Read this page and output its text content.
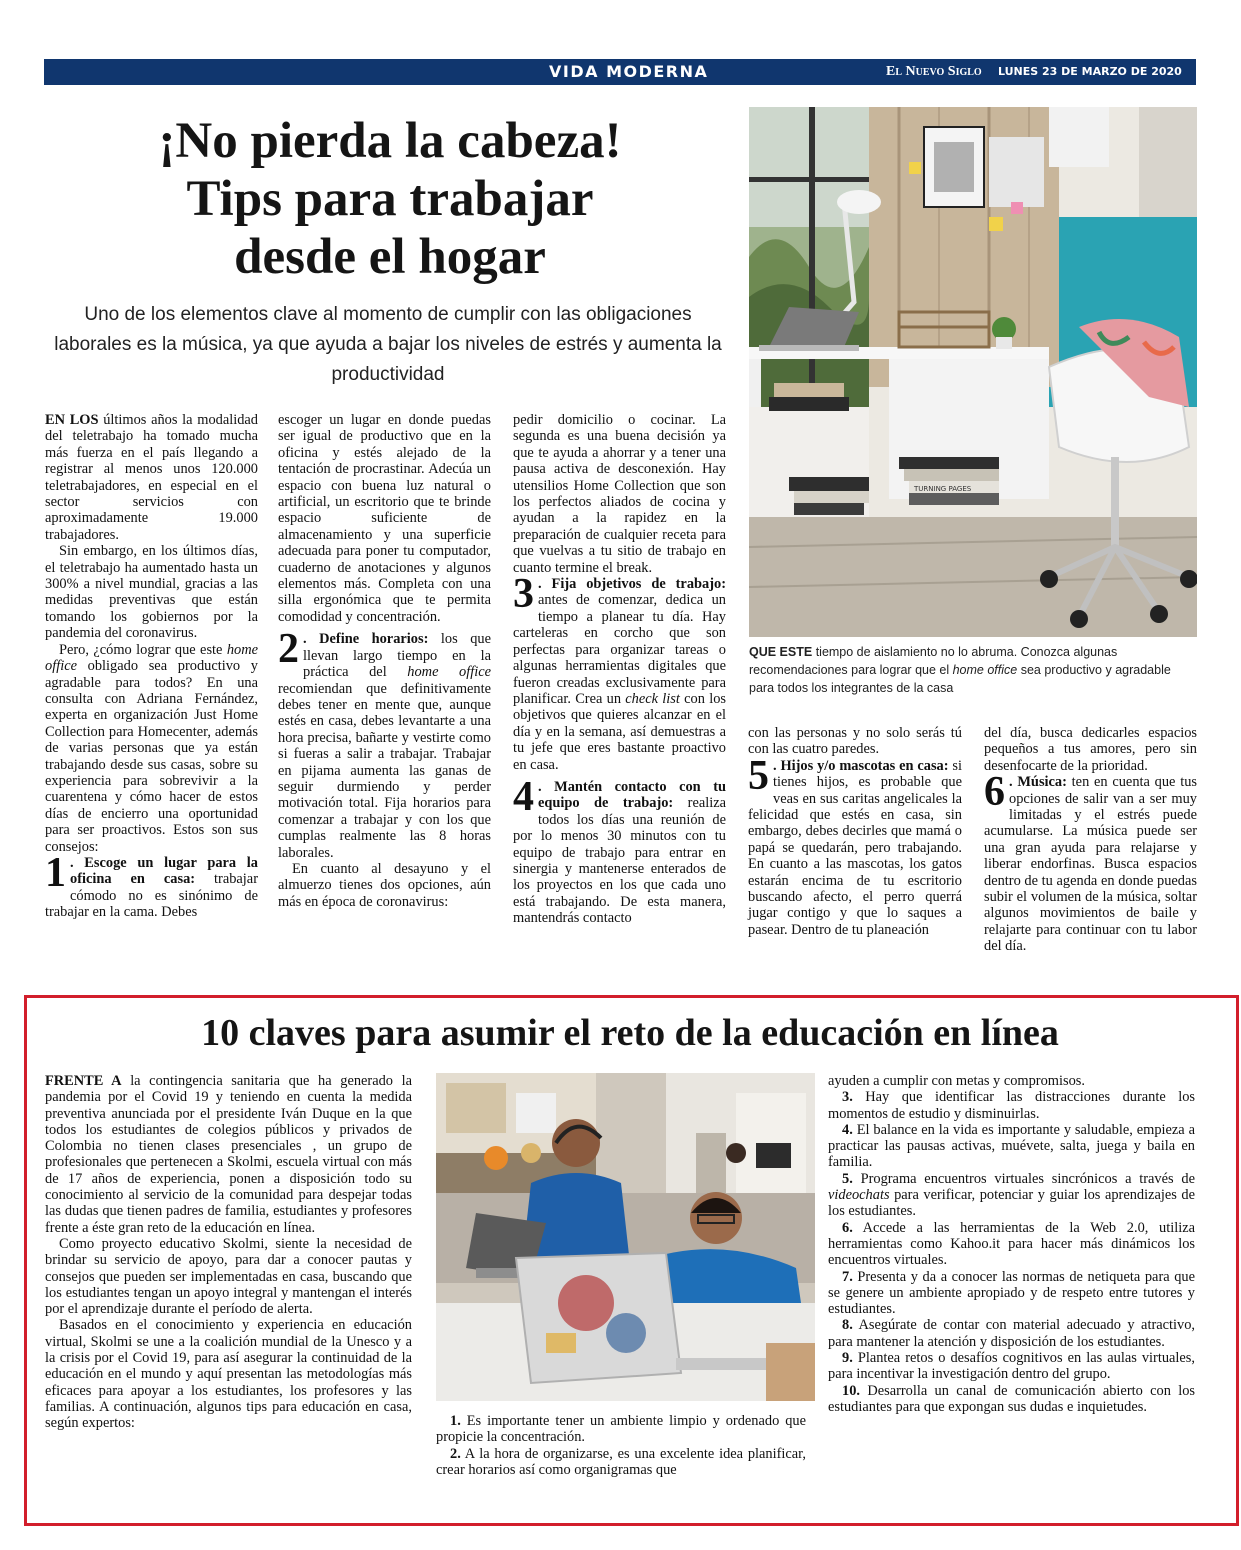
VIDA MODERNA	El Nuevo Siglo LUNES 23 DE MARZO DE 2020 3B
¡No pierda la cabeza!
Tips para trabajar
desde el hogar
Uno de los elementos clave al momento de cumplir con las obligaciones laborales es la música, ya que ayuda a bajar los niveles de estrés y aumenta la productividad

EN LOS últimos años la modalidad del teletrabajo ha tomado mucha más fuerza en el país llegando a registrar al menos unos 120.000 teletrabajadores, en especial en el sector servicios con aproximadamente 19.000 trabajadores.

Sin embargo, en los últimos días, el teletrabajo ha aumentado hasta un 300% a nivel mundial, gracias a las medidas preventivas que están tomando los gobiernos por la pandemia del coronavirus.

Pero, ¿cómo lograr que este home office obligado sea productivo y agradable para todos? En una consulta con Adriana Fernández, experta en organización Just Home Collection para Homecenter, además de varias personas que ya están trabajando desde sus casas, sobre su experiencia para sobrevivir a la cuarentena y cómo hacer de estos días de encierro una oportunidad para ser proactivos. Estos son sus consejos:

1 . Escoge un lugar para la oficina en casa: trabajar cómodo no es sinónimo de trabajar en la cama. Debes

escoger un lugar en donde puedas ser igual de productivo que en la oficina y estés alejado de la tentación de procrastinar. Adecúa un espacio con buena luz natural o artificial, un escritorio que te brinde espacio suficiente de almacenamiento y una superficie adecuada para poner tu computador, cuaderno de anotaciones y algunos elementos más. Completa con una silla ergonómica que te permita comodidad y concentración.

2 . Define horarios: los que llevan largo tiempo en la práctica del home office recomiendan que definitivamente debes tener en mente que, aunque estés en casa, debes levantarte a una hora precisa, bañarte y vestirte como si fueras a salir a trabajar. Trabajar en pijama aumenta las ganas de seguir durmiendo y perder motivación total. Fija horarios para comenzar a trabajar y con los que cumplas realmente las 8 horas laborales.

En cuanto al desayuno y el almuerzo tienes dos opciones, aún más en época de coronavirus:

pedir domicilio o cocinar. La segunda es una buena decisión ya que te ayuda a ahorrar y a tener una pausa activa de desconexión. Hay utensilios Home Collection que son los perfectos aliados de cocina y ayudan a la rapidez en la preparación de cualquier receta para que vuelvas a tu sitio de trabajo en cuanto termine el break.

3 . Fija objetivos de trabajo: antes de comenzar, dedica un tiempo a planear tu día. Hay carteleras en corcho que son perfectas para organizar tareas o algunas herramientas digitales que fueron creadas exclusivamente para planificar. Crea un check list con los objetivos que quieres alcanzar en el día y en la semana, así demuestras a tu jefe que eres bastante proactivo en casa.

4 . Mantén contacto con tu equipo de trabajo: realiza todos los días una reunión de por lo menos 30 minutos con tu equipo de trabajo para entrar en sinergia y mantenerse enterados de los proyectos en los que cada uno está trabajando. De esta manera, mantendrás contacto

con las personas y no solo serás tú con las cuatro paredes.

5 . Hijos y/o mascotas en casa: si tienes hijos, es probable que veas en sus caritas angelicales la felicidad que estés en casa, sin embargo, debes decirles que mamá o papá se quedarán, pero trabajando. En cuanto a las mascotas, los gatos estarán encima de tu escritorio buscando afecto, el perro querrá jugar contigo y que lo saques a pasear. Dentro de tu planeación

del día, busca dedicarles espacios pequeños a tus amores, pero sin desenfocarte de la prioridad.

6 . Música: ten en cuenta que tus opciones de salir van a ser muy limitadas y el estrés puede acumularse. La música puede ser una gran ayuda para relajarse y liberar endorfinas. Busca espacios dentro de tu agenda en donde puedas subir el volumen de la música, soltar algunos movimientos de baile y relajarte para continuar con tu labor del día.

TURNING PAGES
QUE ESTE tiempo de aislamiento no lo abruma. Conozca algunas recomendaciones para lograr que el home office sea productivo y agradable para todos los integrantes de la casa
10 claves para asumir el reto de la educación en línea

FRENTE A la contingencia sanitaria que ha generado la pandemia por el Covid 19 y teniendo en cuenta la medida preventiva anunciada por el presidente Iván Duque en la que todos los estudiantes de colegios públicos y privados de Colombia no tienen clases presenciales , un grupo de profesionales que pertenecen a Skolmi, escuela virtual con más de 17 años de experiencia, ponen a disposición todo su conocimiento al servicio de la comunidad para despejar todas las dudas que tienen padres de familia, estudiantes y profesores frente a éste gran reto de la educación en línea.

Como proyecto educativo Skolmi, siente la necesidad de brindar su servicio de apoyo, para dar a conocer pautas y consejos que pueden ser implementadas en casa, buscando que los estudiantes tengan un apoyo integral y mantengan el interés por el aprendizaje durante el período de alerta.

Basados en el conocimiento y experiencia en educación virtual, Skolmi se une a la coalición mundial de la Unesco y a la crisis por el Covid 19, para así asegurar la continuidad de la educación en el mundo y aquí presentan las metodologías más eficaces para apoyar a los estudiantes, los profesores y las familias. A continuación, algunos tips para educación en casa, según expertos:	1. Es importante tener un ambiente limpio y ordenado que propicie la concentración.

2. A la hora de organizarse, es una excelente idea planificar, crear horarios así como organigramas que

ayuden a cumplir con metas y compromisos.

3. Hay que identificar las distracciones durante los momentos de estudio y disminuirlas.

4. El balance en la vida es importante y saludable, empieza a practicar las pausas activas, muévete, salta, juega y baila en familia.

5. Programa encuentros virtuales sincrónicos a través de videochats para verificar, potenciar y guiar los aprendizajes de los estudiantes.

6. Accede a las herramientas de la Web 2.0, utiliza herramientas como Kahoo.it para hacer más dinámicos los encuentros virtuales.

7. Presenta y da a conocer las normas de netiqueta para que se genere un ambiente apropiado y de respeto entre tutores y estudiantes.

8. Asegúrate de contar con material adecuado y atractivo, para mantener la atención y disposición de los estudiantes.

9. Plantea retos o desafíos cognitivos en las aulas virtuales, para incentivar la investigación dentro del grupo.

10. Desarrolla un canal de comunicación abierto con los estudiantes para que expongan sus dudas e inquietudes.
